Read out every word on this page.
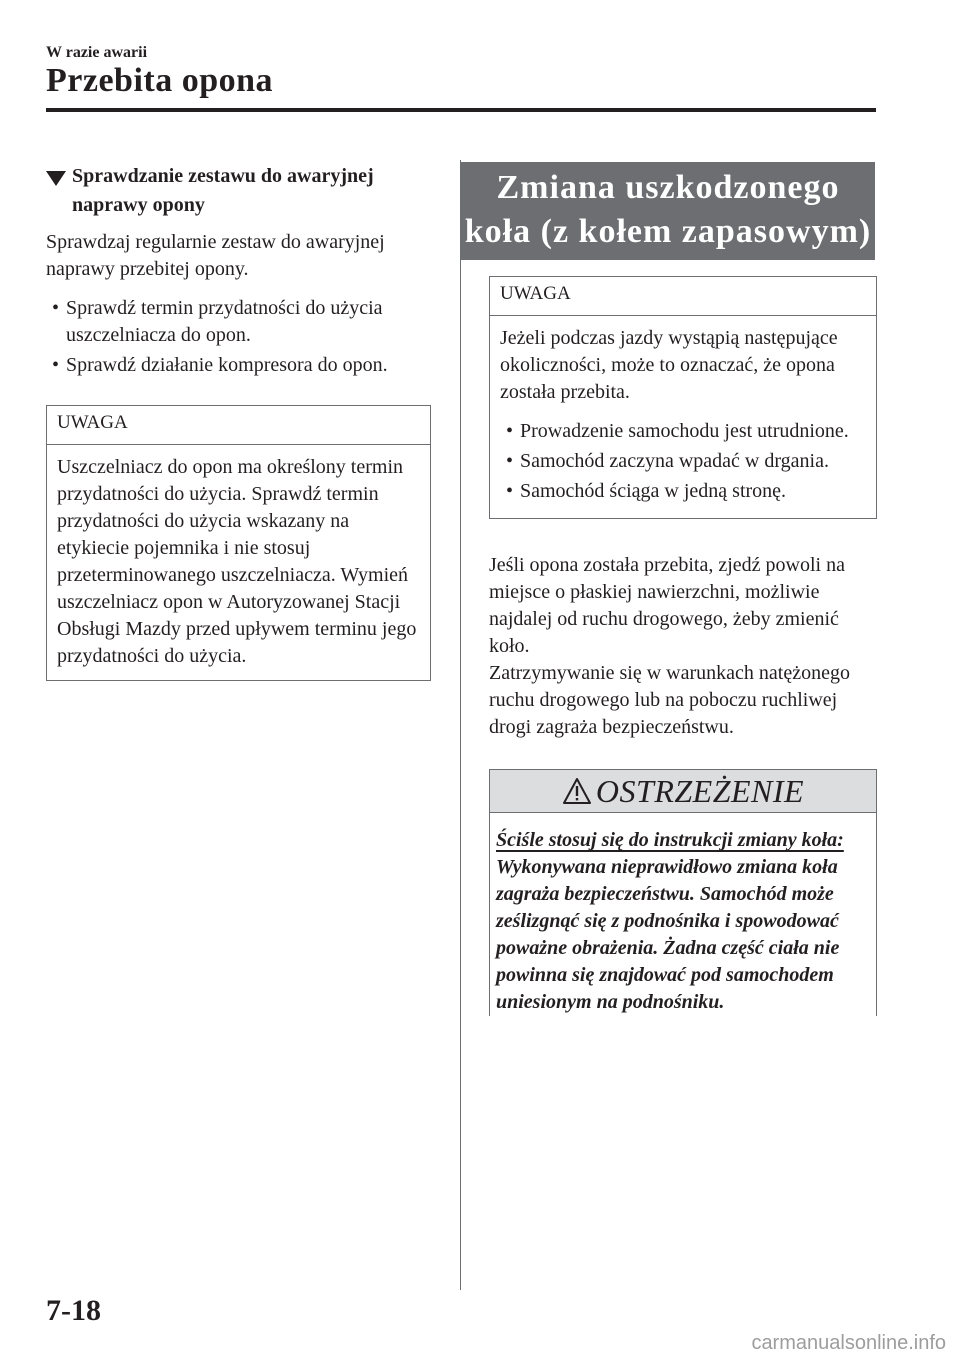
W razie awarii
Przebita opona
Sprawdzanie zestawu do awaryjnej
naprawy opony

Sprawdzaj regularnie zestaw do awaryjnej naprawy przebitej opony.

• Sprawdź termin przydatności do użycia uszczelniacza do opon.
• Sprawdź działanie kompresora do opon.
UWAGA
Uszczelniacz do opon ma określony termin przydatności do użycia. Sprawdź termin przydatności do użycia wskazany na etykiecie pojemnika i nie stosuj przeterminowanego uszczelniacza. Wymień uszczelniacz opon w Autoryzowanej Stacji Obsługi Mazdy przed upływem terminu jego przydatności do użycia.
Zmiana uszkodzonego
koła (z kołem zapasowym)
UWAGA
Jeżeli podczas jazdy wystąpią następujące okoliczności, może to oznaczać, że opona została przebita.
• Prowadzenie samochodu jest utrudnione.
• Samochód zaczyna wpadać w drgania.
• Samochód ściąga w jedną stronę.

Jeśli opona została przebita, zjedź powoli na miejsce o płaskiej nawierzchni, możliwie najdalej od ruchu drogowego, żeby zmienić koło.

Zatrzymywanie się w warunkach natężonego ruchu drogowego lub na poboczu ruchliwej drogi zagraża bezpieczeństwu.

OSTRZEŻENIE
Ściśle stosuj się do instrukcji zmiany koła:
Wykonywana nieprawidłowo zmiana koła zagraża bezpieczeństwu. Samochód może ześlizgnąć się z podnośnika i spowodować poważne obrażenia. Żadna część ciała nie powinna się znajdować pod samochodem uniesionym na podnośniku.
7-18
carmanualsonline.info
